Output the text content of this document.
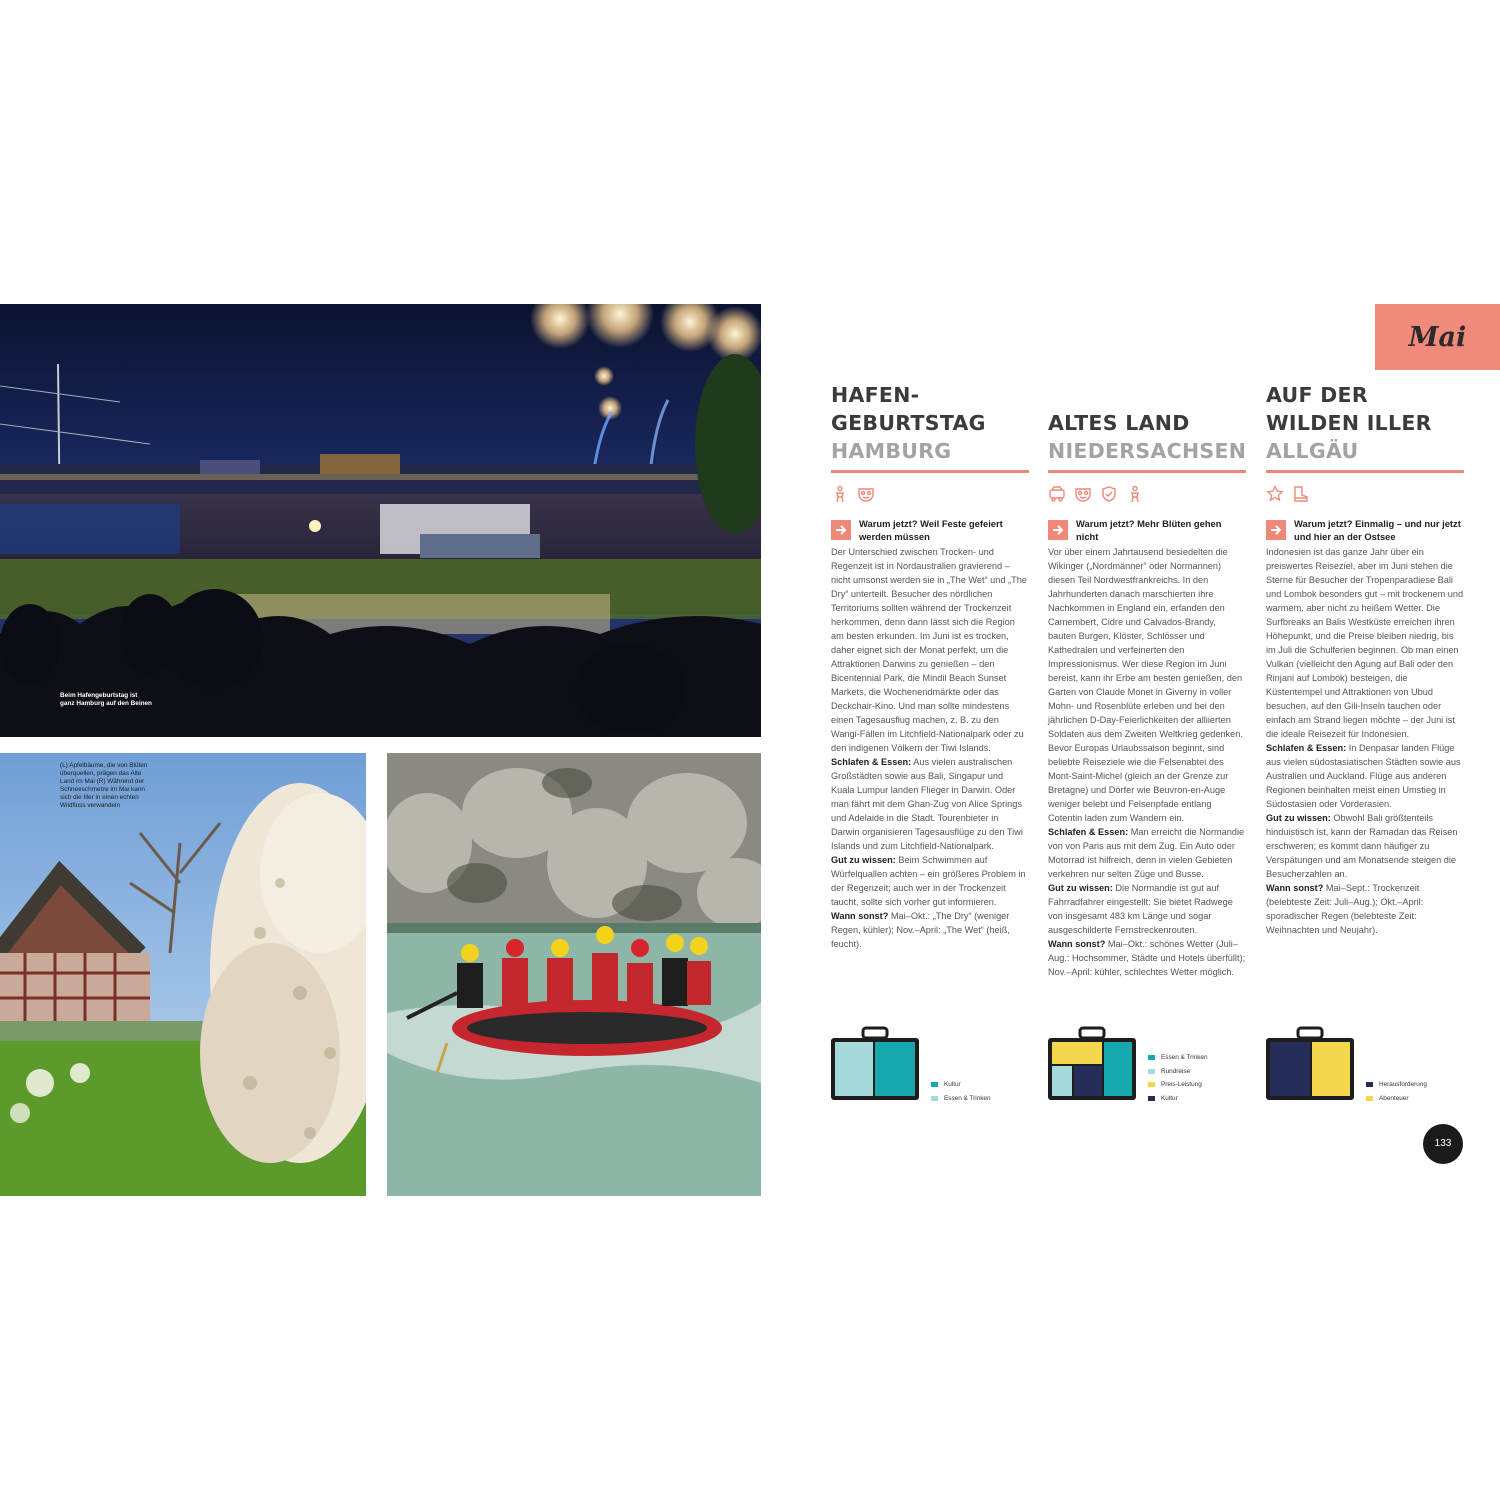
Beim Hafengeburtstag ist ganz Hamburg auf den Beinen
(L) Apfelbäume, die von Blüten überquellen, prägen das Alte Land im Mai (R) Während der Schneeschmelze im Mai kann sich die Iller in einen echten Wildfluss verwandeln
Mai
HAFEN-
GEBURTSTAG
HAMBURG
Warum jetzt? Weil Feste gefeiert werden müssen

Der Unterschied zwischen Trocken- und Regenzeit ist in Nordaustralien gravierend – nicht umsonst werden sie in „The Wet“ und „The Dry“ unterteilt. Besucher des nördlichen Territoriums sollten während der Trockenzeit herkommen, denn dann lässt sich die Region am besten erkunden. Im Juni ist es trocken, daher eignet sich der Monat perfekt, um die Attraktionen Darwins zu genießen – den Bicentennial Park, die Mindil Beach Sunset Markets, die Wochenendmärkte oder das Deckchair-Kino. Und man sollte mindestens einen Tagesausflug machen, z. B. zu den Wangi-Fällen im Litchfield-Nationalpark oder zu den indigenen Völkern der Tiwi Islands.

Schlafen & Essen: Aus vielen australischen Großstädten sowie aus Bali, Singapur und Kuala Lumpur landen Flieger in Darwin. Oder man fährt mit dem Ghan-Zug von Alice Springs und Adelaide in die Stadt. Tourenbieter in Darwin organisieren Tagesausflüge zu den Tiwi Islands und zum Litchfield-Nationalpark.

Gut zu wissen: Beim Schwimmen auf Würfelquallen achten – ein größeres Problem in der Regenzeit; auch wer in der Trockenzeit taucht, sollte sich vorher gut informieren.

Wann sonst? Mai–Okt.: „The Dry“ (weniger Regen, kühler); Nov.–April: „The Wet“ (heiß, feucht).

Kultur
Essen & Trinken
ALTES LAND
NIEDERSACHSEN
Warum jetzt? Mehr Blüten gehen nicht

Vor über einem Jahrtausend besiedelten die Wikinger („Nordmänner“ oder Normannen) diesen Teil Nordwestfrankreichs. In den Jahrhunderten danach marschierten ihre Nachkommen in England ein, erfanden den Camembert, Cidre und Calvados-Brandy, bauten Burgen, Klöster, Schlösser und Kathedralen und verfeinerten den Impressionismus. Wer diese Region im Juni bereist, kann ihr Erbe am besten genießen, den Garten von Claude Monet in Giverny in voller Mohn- und Rosenblüte erleben und bei den jährlichen D-Day-Feierlichkeiten der alliierten Soldaten aus dem Zweiten Weltkrieg gedenken. Bevor Europas Urlaubssaison beginnt, sind beliebte Reiseziele wie die Felsenabtei des Mont-Saint-Michel (gleich an der Grenze zur Bretagne) und Dörfer wie Beuvron-en-Auge weniger belebt und Felsenpfade entlang Cotentin laden zum Wandern ein.

Schlafen & Essen: Man erreicht die Normandie von von Paris aus mit dem Zug. Ein Auto oder Motorrad ist hilfreich, denn in vielen Gebieten verkehren nur selten Züge und Busse.

Gut zu wissen: Die Normandie ist gut auf Fahrradfahrer eingestellt: Sie bietet Radwege von insgesamt 483 km Länge und sogar ausgeschilderte Fernstreckenrouten.

Wann sonst? Mai–Okt.: schönes Wetter (Juli–Aug.: Hochsommer, Städte und Hotels überfüllt); Nov.–April: kühler, schlechtes Wetter möglich.

Essen & Trinken
Rundreise
Preis-Leistung
Kultur
AUF DER
WILDEN ILLER
ALLGÄU
Warum jetzt? Einmalig – und nur jetzt und hier an der Ostsee

Indonesien ist das ganze Jahr über ein preiswertes Reiseziel, aber im Juni stehen die Sterne für Besucher der Tropenparadiese Bali und Lombok besonders gut – mit trockenem und warmem, aber nicht zu heißem Wetter. Die Surfbreaks an Balis Westküste erreichen ihren Höhepunkt, und die Preise bleiben niedrig, bis im Juli die Schulferien beginnen. Ob man einen Vulkan (vielleicht den Agung auf Bali oder den Rinjani auf Lombok) besteigen, die Küstentempel und Attraktionen von Ubud besuchen, auf den Gili-Inseln tauchen oder einfach am Strand liegen möchte – der Juni ist die ideale Reisezeit für Indonesien.

Schlafen & Essen: In Denpasar landen Flüge aus vielen südostasiatischen Städten sowie aus Australien und Auckland. Flüge aus anderen Regionen beinhalten meist einen Umstieg in Südostasien oder Vorderasien.

Gut zu wissen: Obwohl Bali größtenteils hinduistisch ist, kann der Ramadan das Reisen erschweren; es kommt dann häufiger zu Verspätungen und am Monatsende steigen die Besucherzahlen an.

Wann sonst? Mai–Sept.: Trockenzeit (belebteste Zeit: Juli–Aug.); Okt.–April: sporadischer Regen (belebteste Zeit: Weihnachten und Neujahr).

Herausforderung
Abenteuer
133
